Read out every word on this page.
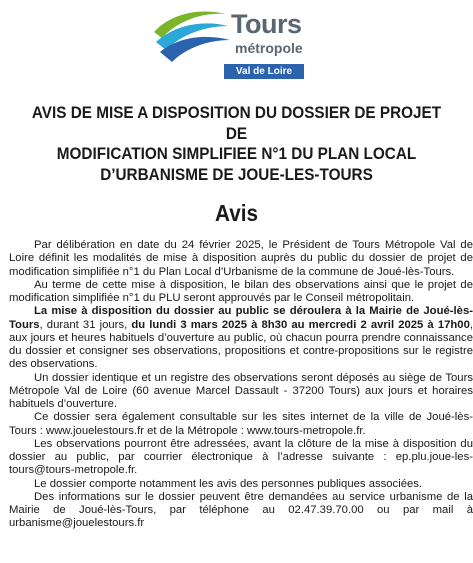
Tours
métropole
Val de Loire
AVIS DE MISE A DISPOSITION DU DOSSIER DE PROJET DE
MODIFICATION SIMPLIFIEE N°1 DU PLAN LOCAL
D’URBANISME DE JOUE-LES-TOURS
Avis

Par délibération en date du 24 février 2025, le Président de Tours Métropole Val de Loire définit les modalités de mise à disposition auprès du public du dossier de projet de modification simplifiée n°1 du Plan Local d’Urbanisme de la commune de Joué-lès-Tours.

Au terme de cette mise à disposition, le bilan des observations ainsi que le projet de modification simplifiée n°1 du PLU seront approuvés par le Conseil métropolitain.

La mise à disposition du dossier au public se déroulera à la Mairie de Joué-lès-Tours, durant 31 jours, du lundi 3 mars 2025 à 8h30 au mercredi 2 avril 2025 à 17h00, aux jours et heures habituels d’ouverture au public, où chacun pourra prendre connaissance du dossier et consigner ses observations, propositions et contre-propositions sur le registre des observations.

Un dossier identique et un registre des observations seront déposés au siège de Tours Métropole Val de Loire (60 avenue Marcel Dassault - 37200 Tours) aux jours et horaires habituels d’ouverture.

Ce dossier sera également consultable sur les sites internet de la ville de Joué-lès-Tours : www.jouelestours.fr et de la Métropole : www.tours-metropole.fr.

Les observations pourront être adressées, avant la clôture de la mise à disposition du dossier au public, par courrier électronique à l’adresse suivante : ep.plu.joue-les-tours@tours-metropole.fr.

Le dossier comporte notamment les avis des personnes publiques associées.

Des informations sur le dossier peuvent être demandées au service urbanisme de la Mairie de Joué-lès-Tours, par téléphone au 02.47.39.70.00 ou par mail à urbanisme@jouelestours.fr
